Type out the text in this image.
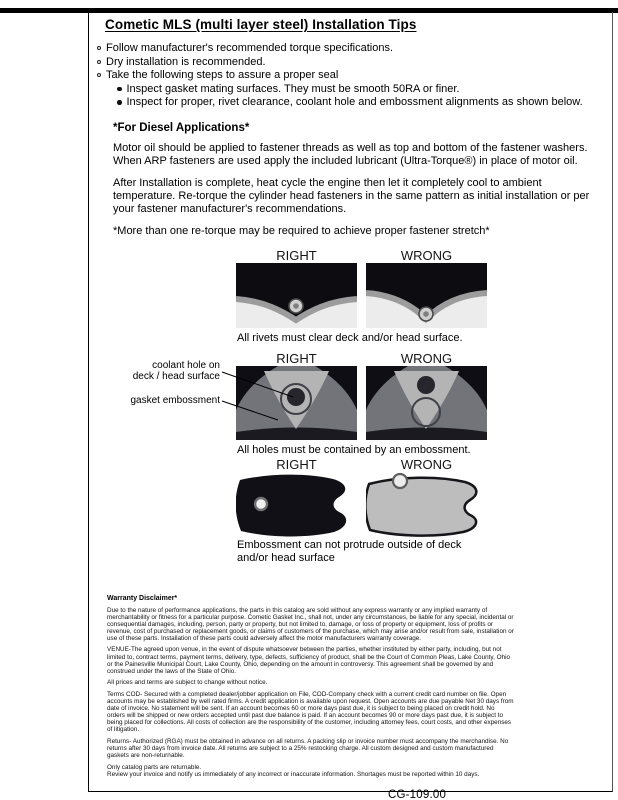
Cometic MLS (multi layer steel) Installation Tips
Follow manufacturer's recommended torque specifications.
Dry installation is recommended.
Take the following steps to assure a proper seal
Inspect gasket mating surfaces. They must be smooth 50RA or finer.
Inspect for proper, rivet clearance, coolant hole and embossment alignments as shown below.
*For Diesel Applications*

Motor oil should be applied to fastener threads as well as top and bottom of the fastener washers. When ARP fasteners are used apply the included lubricant (Ultra-Torque®) in place of motor oil.

After Installation is complete, heat cycle the engine then let it completely cool to ambient temperature. Re-torque the cylinder head fasteners in the same pattern as initial installation or per your fastener manufacturer's recommendations.

*More than one re-torque may be required to achieve proper fastener stretch*

RIGHT	WRONG
All rivets must clear deck and/or head surface.
RIGHT	WRONG
coolant hole on
deck / head surface
gasket embossment
All holes must be contained by an embossment.
RIGHT	WRONG
Embossment can not protrude outside of deck
and/or head surface
Warranty Disclaimer*

Due to the nature of performance applications, the parts in this catalog are sold without any express warranty or any implied warranty of merchantability or fitness for a particular purpose. Cometic Gasket Inc., shall not, under any circumstances, be liable for any special, incidental or consequential damages, including, person, party or property, but not limited to, damage, or loss of property or equipment, loss of profits or revenue, cost of purchased or replacement goods, or claims of customers of the purchase, which may arise and/or result from sale, installation or use of these parts. Installation of these parts could adversely affect the motor manufacturers warranty coverage.

VENUE-The agreed upon venue, in the event of dispute whatsoever between the parties, whether instituted by either party, including, but not limited to, contract terms, payment terms, delivery, type, defects, sufficiency of product, shall be the Court of Common Pleas, Lake County, Ohio or the Painesville Municipal Court, Lake County, Ohio, depending on the amount in controversy. This agreement shall be governed by and construed under the laws of the State of Ohio.

All prices and terms are subject to change without notice.

Terms COD- Secured with a completed dealer/jobber application on File, COD-Company check with a current credit card number on file. Open accounts may be established by well rated firms. A credit application is available upon request. Open accounts are due payable Net 30 days from date of invoice. No statement will be sent. If an account becomes 60 or more days past due, it is subject to being placed on credit hold. No orders will be shipped or new orders accepted until past due balance is paid. If an account becomes 90 or more days past due, it is subject to being placed for collections. All costs of collection are the responsibility of the customer, including attorney fees, court costs, and other expenses of litigation.

Returns- Authorized (RGA) must be obtained in advance on all returns. A packing slip or invoice number must accompany the merchandise. No returns after 30 days from invoice date. All returns are subject to a 25% restocking charge. All custom designed and custom manufactured gaskets are non-returnable.

Only catalog parts are returnable.

Review your invoice and notify us immediately of any incorrect or inaccurate information. Shortages must be reported within 10 days.

CG-109.00
